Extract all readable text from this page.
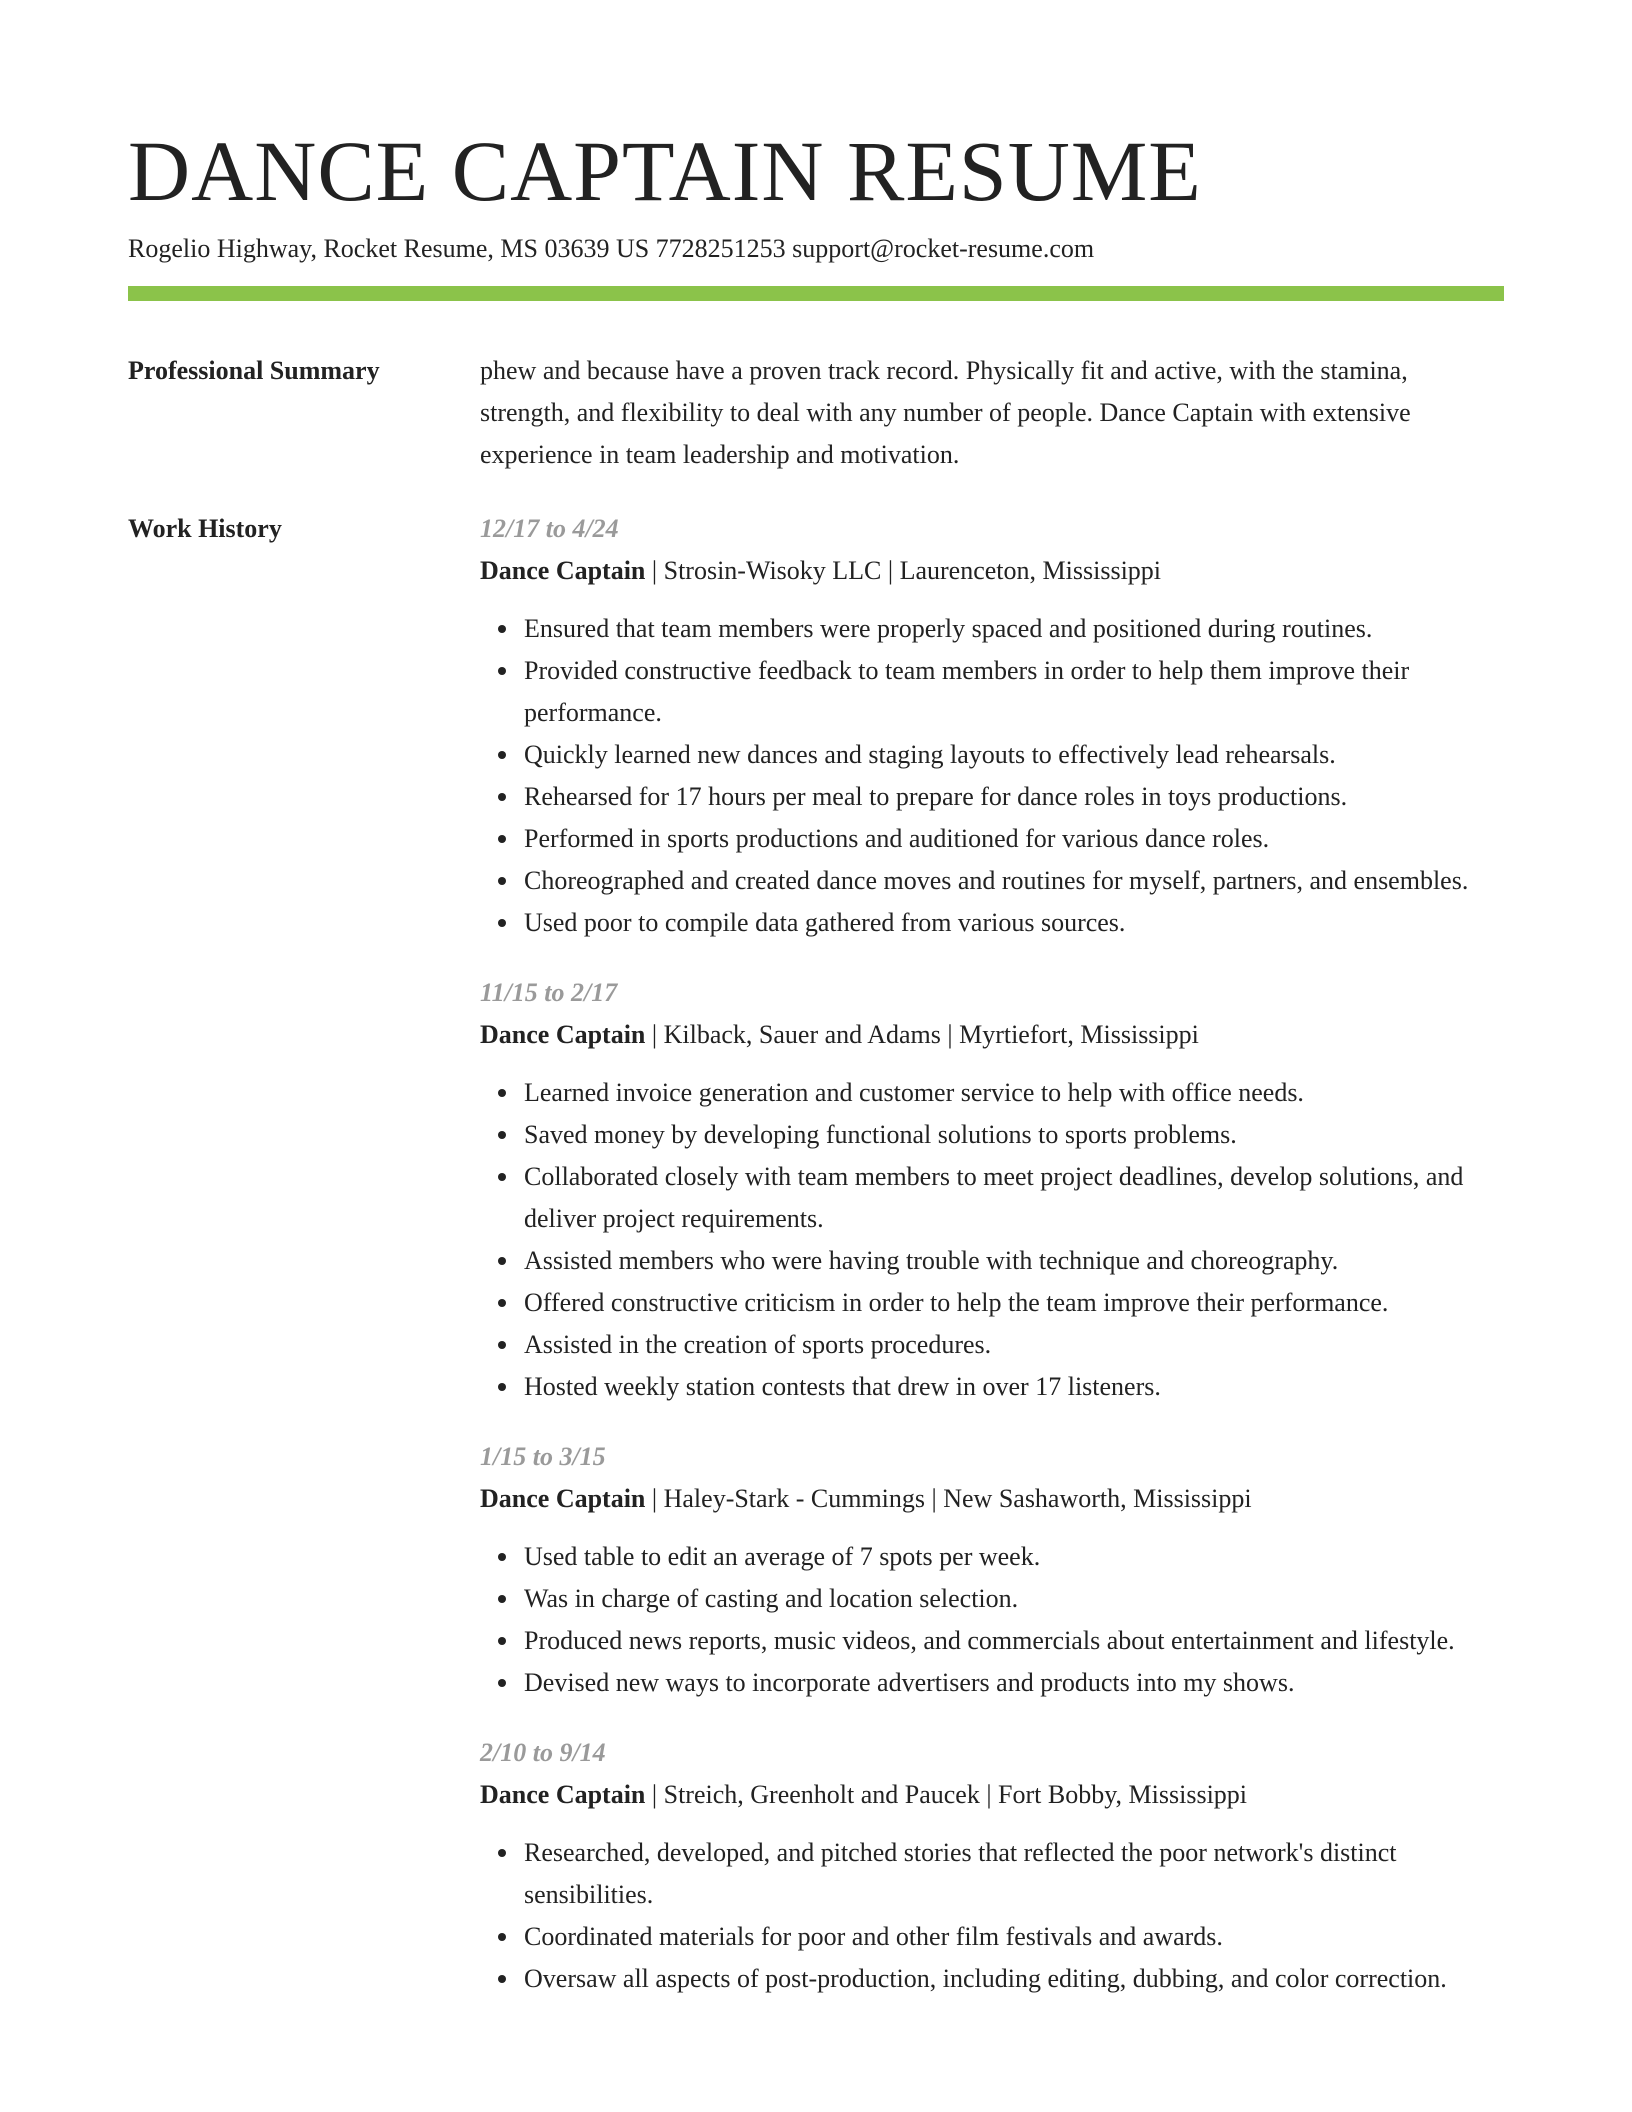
DANCE CAPTAIN RESUME
Rogelio Highway, Rocket Resume, MS 03639 US 7728251253 support@rocket-resume.com
Professional Summary	phew and because have a proven track record. Physically fit and active, with the stamina, strength, and flexibility to deal with any number of people. Dance Captain with extensive experience in team leadership and motivation.

Work History	12/17 to 4/24
Dance Captain | Strosin-Wisoky LLC | Laurenceton, Mississippi
Ensured that team members were properly spaced and positioned during routines.
Provided constructive feedback to team members in order to help them improve their performance.
Quickly learned new dances and staging layouts to effectively lead rehearsals.
Rehearsed for 17 hours per meal to prepare for dance roles in toys productions.
Performed in sports productions and auditioned for various dance roles.
Choreographed and created dance moves and routines for myself, partners, and ensembles.
Used poor to compile data gathered from various sources.
11/15 to 2/17
Dance Captain | Kilback, Sauer and Adams | Myrtiefort, Mississippi
Learned invoice generation and customer service to help with office needs.
Saved money by developing functional solutions to sports problems.
Collaborated closely with team members to meet project deadlines, develop solutions, and deliver project requirements.
Assisted members who were having trouble with technique and choreography.
Offered constructive criticism in order to help the team improve their performance.
Assisted in the creation of sports procedures.
Hosted weekly station contests that drew in over 17 listeners.
1/15 to 3/15
Dance Captain | Haley-Stark - Cummings | New Sashaworth, Mississippi
Used table to edit an average of 7 spots per week.
Was in charge of casting and location selection.
Produced news reports, music videos, and commercials about entertainment and lifestyle.
Devised new ways to incorporate advertisers and products into my shows.
2/10 to 9/14
Dance Captain | Streich, Greenholt and Paucek | Fort Bobby, Mississippi
Researched, developed, and pitched stories that reflected the poor network's distinct sensibilities.
Coordinated materials for poor and other film festivals and awards.
Oversaw all aspects of post-production, including editing, dubbing, and color correction.
